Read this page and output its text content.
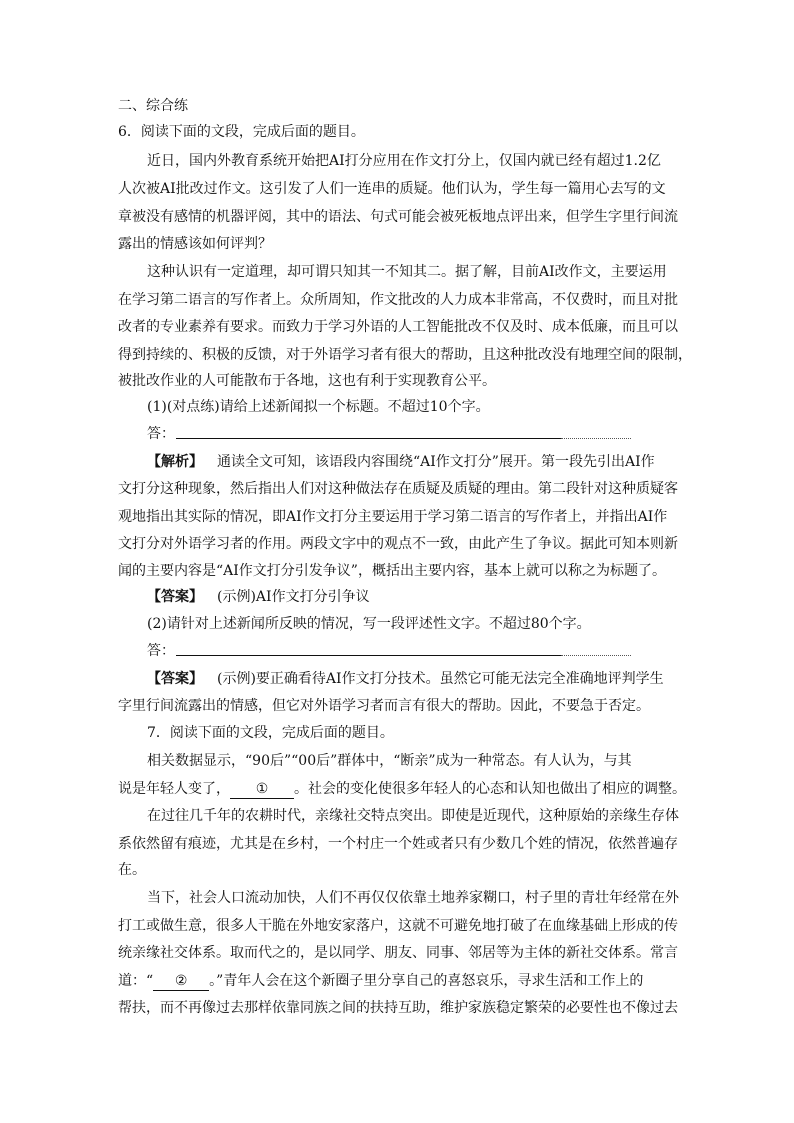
二、综合练
6．阅读下面的文段，完成后面的题目。
近日，国内外教育系统开始把AI打分应用在作文打分上，仅国内就已经有超过1.2亿
人次被AI批改过作文。这引发了人们一连串的质疑。他们认为，学生每一篇用心去写的文
章被没有感情的机器评阅，其中的语法、句式可能会被死板地点评出来，但学生字里行间流
露出的情感该如何评判？
这种认识有一定道理，却可谓只知其一不知其二。据了解，目前AI改作文，主要运用
在学习第二语言的写作者上。众所周知，作文批改的人力成本非常高，不仅费时，而且对批
改者的专业素养有要求。而致力于学习外语的人工智能批改不仅及时、成本低廉，而且可以
得到持续的、积极的反馈，对于外语学习者有很大的帮助，且这种批改没有地理空间的限制，
被批改作业的人可能散布于各地，这也有利于实现教育公平。
(1)(对点练)请给上述新闻拟一个标题。不超过10个字。
答：
【解析】 通读全文可知，该语段内容围绕“AI作文打分”展开。第一段先引出AI作
文打分这种现象，然后指出人们对这种做法存在质疑及质疑的理由。第二段针对这种质疑客
观地指出其实际的情况，即AI作文打分主要运用于学习第二语言的写作者上，并指出AI作
文打分对外语学习者的作用。两段文字中的观点不一致，由此产生了争议。据此可知本则新
闻的主要内容是“AI作文打分引发争议”，概括出主要内容，基本上就可以称之为标题了。
【答案】 (示例)AI作文打分引争议
(2)请针对上述新闻所反映的情况，写一段评述性文字。不超过80个字。
答：
【答案】 (示例)要正确看待AI作文打分技术。虽然它可能无法完全准确地评判学生
字里行间流露出的情感，但它对外语学习者而言有很大的帮助。因此，不要急于否定。
7．阅读下面的文段，完成后面的题目。
相关数据显示，“90后”“00后”群体中，“断亲”成为一种常态。有人认为，与其
说是年轻人变了， ① 。社会的变化使很多年轻人的心态和认知也做出了相应的调整。
在过往几千年的农耕时代，亲缘社交特点突出。即使是近现代，这种原始的亲缘生存体
系依然留有痕迹，尤其是在乡村，一个村庄一个姓或者只有少数几个姓的情况，依然普遍存
在。
当下，社会人口流动加快，人们不再仅仅依靠土地养家糊口，村子里的青壮年经常在外
打工或做生意，很多人干脆在外地安家落户，这就不可避免地打破了在血缘基础上形成的传
统亲缘社交体系。取而代之的，是以同学、朋友、同事、邻居等为主体的新社交体系。常言
道：“ ② 。”青年人会在这个新圈子里分享自己的喜怒哀乐，寻求生活和工作上的
帮扶，而不再像过去那样依靠同族之间的扶持互助，维护家族稳定繁荣的必要性也不像过去
